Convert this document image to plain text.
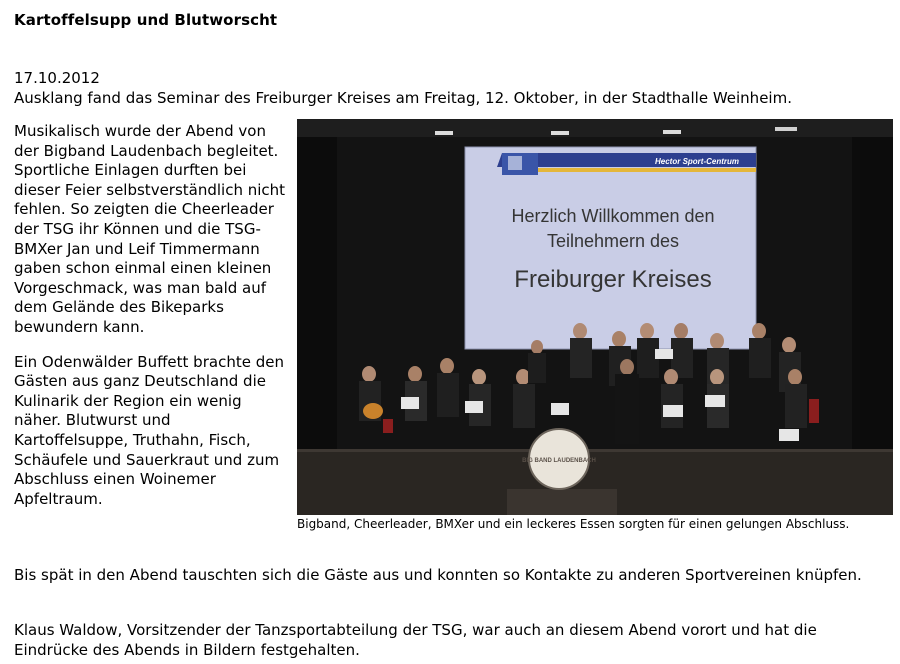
Kartoffelsupp und Blutworscht
17.10.2012
Ausklang fand das Seminar des Freiburger Kreises am Freitag, 12. Oktober, in der Stadthalle Weinheim.

Musikalisch wurde der Abend von der Bigband Laudenbach begleitet. Sportliche Einlagen durften bei dieser Feier selbstverständlich nicht fehlen. So zeigten die Cheerleader der TSG ihr Können und die TSG-BMXer Jan und Leif Timmermann gaben schon einmal einen kleinen Vorgeschmack, was man bald auf dem Gelände des Bikeparks bewundern kann.

Ein Odenwälder Buffett brachte den Gästen aus ganz Deutschland die Kulinarik der Region ein wenig näher. Blutwurst und Kartoffelsuppe, Truthahn, Fisch, Schäufele und Sauerkraut und zum Abschluss einen Woinemer Apfeltraum.

Hector Sport-Centrum
Herzlich Willkommen den
Teilnehmern des
Freiburger Kreises
BIG BAND LAUDENBACH
Bigband, Cheerleader, BMXer und ein leckeres Essen sorgten für einen gelungen Abschluss.
Bis spät in den Abend tauschten sich die Gäste aus und konnten so Kontakte zu anderen Sportvereinen knüpfen.
Klaus Waldow, Vorsitzender der Tanzsportabteilung der TSG, war auch an diesem Abend vorort und hat die Eindrücke des Abends in Bildern festgehalten.
